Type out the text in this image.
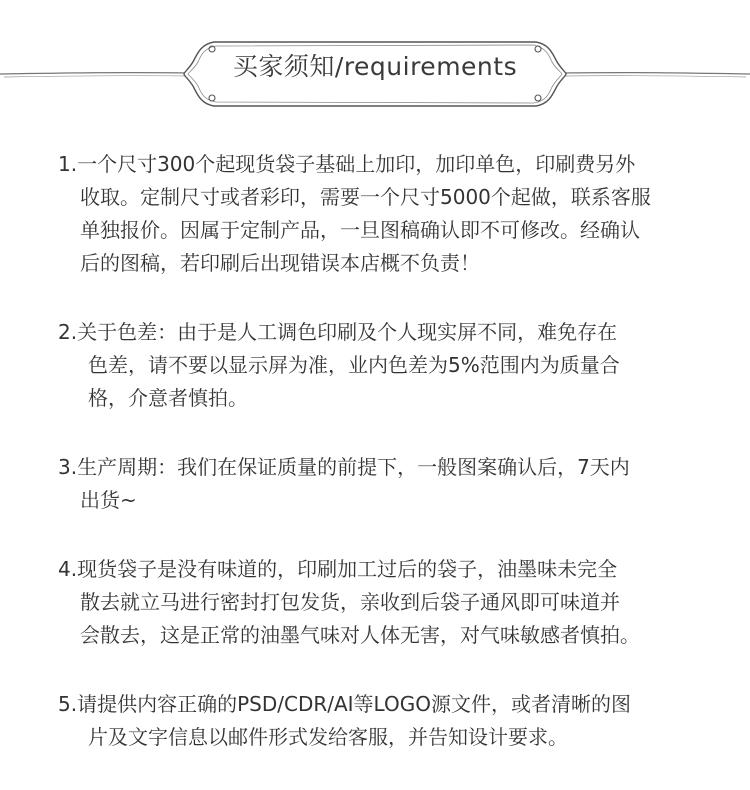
买家须知/requirements
1.一个尺寸300个起现货袋子基础上加印，加印单色，印刷费另外
收取。定制尺寸或者彩印，需要一个尺寸5000个起做，联系客服
单独报价。因属于定制产品，一旦图稿确认即不可修改。经确认
后的图稿，若印刷后出现错误本店概不负责！
2.关于色差：由于是人工调色印刷及个人现实屏不同，难免存在
色差，请不要以显示屏为准，业内色差为5%范围内为质量合
格，介意者慎拍。
3.生产周期：我们在保证质量的前提下，一般图案确认后，7天内
出货~
4.现货袋子是没有味道的，印刷加工过后的袋子，油墨味未完全
散去就立马进行密封打包发货，亲收到后袋子通风即可味道并
会散去，这是正常的油墨气味对人体无害，对气味敏感者慎拍。
5.请提供内容正确的PSD/CDR/AI等LOGO源文件，或者清晰的图
片及文字信息以邮件形式发给客服，并告知设计要求。
